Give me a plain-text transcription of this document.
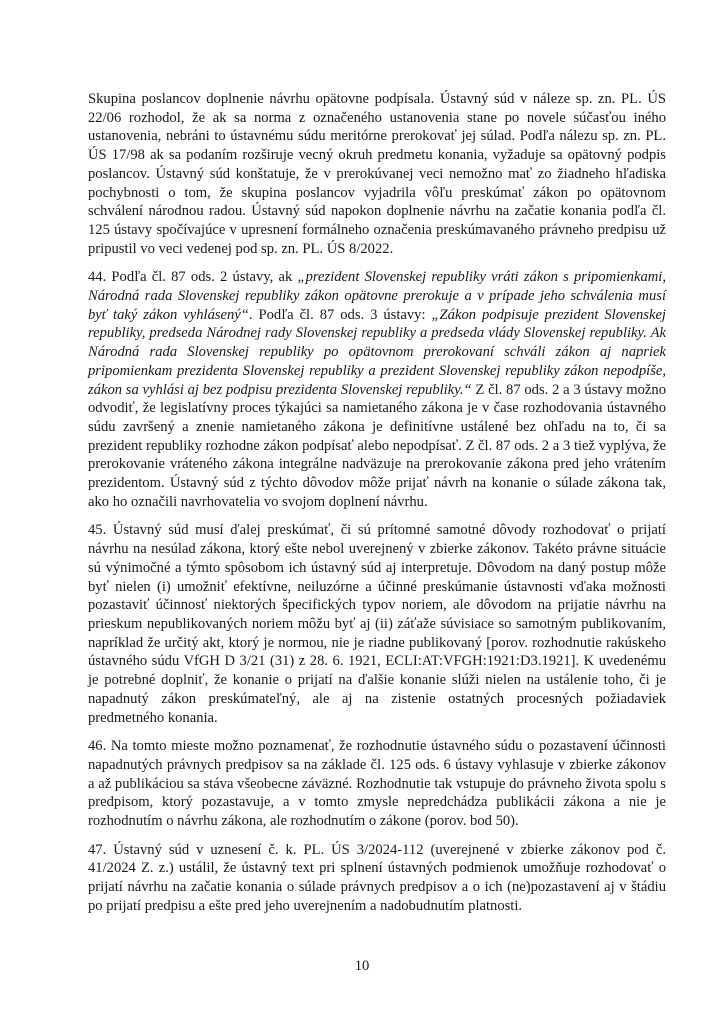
Skupina poslancov doplnenie návrhu opätovne podpísala. Ústavný súd v náleze sp. zn. PL. ÚS 22/06 rozhodol, že ak sa norma z označeného ustanovenia stane po novele súčasťou iného ustanovenia, nebráni to ústavnému súdu meritórne prerokovať jej súlad. Podľa nálezu sp. zn. PL. ÚS 17/98 ak sa podaním rozširuje vecný okruh predmetu konania, vyžaduje sa opätovný podpis poslancov. Ústavný súd konštatuje, že v prerokúvanej veci nemožno mať zo žiadneho hľadiska pochybnosti o tom, že skupina poslancov vyjadrila vôľu preskúmať zákon po opätovnom schválení národnou radou. Ústavný súd napokon doplnenie návrhu na začatie konania podľa čl. 125 ústavy spočívajúce v upresnení formálneho označenia preskúmavaného právneho predpisu už pripustil vo veci vedenej pod sp. zn. PL. ÚS 8/2022.

44. Podľa čl. 87 ods. 2 ústavy, ak „prezident Slovenskej republiky vráti zákon s pripomienkami, Národná rada Slovenskej republiky zákon opätovne prerokuje a v prípade jeho schválenia musí byť taký zákon vyhlásený“. Podľa čl. 87 ods. 3 ústavy: „Zákon podpisuje prezident Slovenskej republiky, predseda Národnej rady Slovenskej republiky a predseda vlády Slovenskej republiky. Ak Národná rada Slovenskej republiky po opätovnom prerokovaní schváli zákon aj napriek pripomienkam prezidenta Slovenskej republiky a prezident Slovenskej republiky zákon nepodpíše, zákon sa vyhlási aj bez podpisu prezidenta Slovenskej republiky.“ Z čl. 87 ods. 2 a 3 ústavy možno odvodiť, že legislatívny proces týkajúci sa namietaného zákona je v čase rozhodovania ústavného súdu završený a znenie namietaného zákona je definitívne ustálené bez ohľadu na to, či sa prezident republiky rozhodne zákon podpísať alebo nepodpísať. Z čl. 87 ods. 2 a 3 tiež vyplýva, že prerokovanie vráteného zákona integrálne nadväzuje na prerokovanie zákona pred jeho vrátením prezidentom. Ústavný súd z týchto dôvodov môže prijať návrh na konanie o súlade zákona tak, ako ho označili navrhovatelia vo svojom doplnení návrhu.

45. Ústavný súd musí ďalej preskúmať, či sú prítomné samotné dôvody rozhodovať o prijatí návrhu na nesúlad zákona, ktorý ešte nebol uverejnený v zbierke zákonov. Takéto právne situácie sú výnimočné a týmto spôsobom ich ústavný súd aj interpretuje. Dôvodom na daný postup môže byť nielen (i) umožniť efektívne, neiluzórne a účinné preskúmanie ústavnosti vďaka možnosti pozastaviť účinnosť niektorých špecifických typov noriem, ale dôvodom na prijatie návrhu na prieskum nepublikovaných noriem môžu byť aj (ii) záťaže súvisiace so samotným publikovaním, napríklad že určitý akt, ktorý je normou, nie je riadne publikovaný [porov. rozhodnutie rakúskeho ústavného súdu VfGH D 3/21 (31) z 28. 6. 1921, ECLI:AT:VFGH:1921:D3.1921]. K uvedenému je potrebné doplniť, že konanie o prijatí na ďalšie konanie slúži nielen na ustálenie toho, či je napadnutý zákon preskúmateľný, ale aj na zistenie ostatných procesných požiadaviek predmetného konania.

46. Na tomto mieste možno poznamenať, že rozhodnutie ústavného súdu o pozastavení účinnosti napadnutých právnych predpisov sa na základe čl. 125 ods. 6 ústavy vyhlasuje v zbierke zákonov a až publikáciou sa stáva všeobecne záväzné. Rozhodnutie tak vstupuje do právneho života spolu s predpisom, ktorý pozastavuje, a v tomto zmysle nepredchádza publikácii zákona a nie je rozhodnutím o návrhu zákona, ale rozhodnutím o zákone (porov. bod 50).

47. Ústavný súd v uznesení č. k. PL. ÚS 3/2024-112 (uverejnené v zbierke zákonov pod č. 41/2024 Z. z.) ustálil, že ústavný text pri splnení ústavných podmienok umožňuje rozhodovať o prijatí návrhu na začatie konania o súlade právnych predpisov a o ich (ne)pozastavení aj v štádiu po prijatí predpisu a ešte pred jeho uverejnením a nadobudnutím platnosti.

10
